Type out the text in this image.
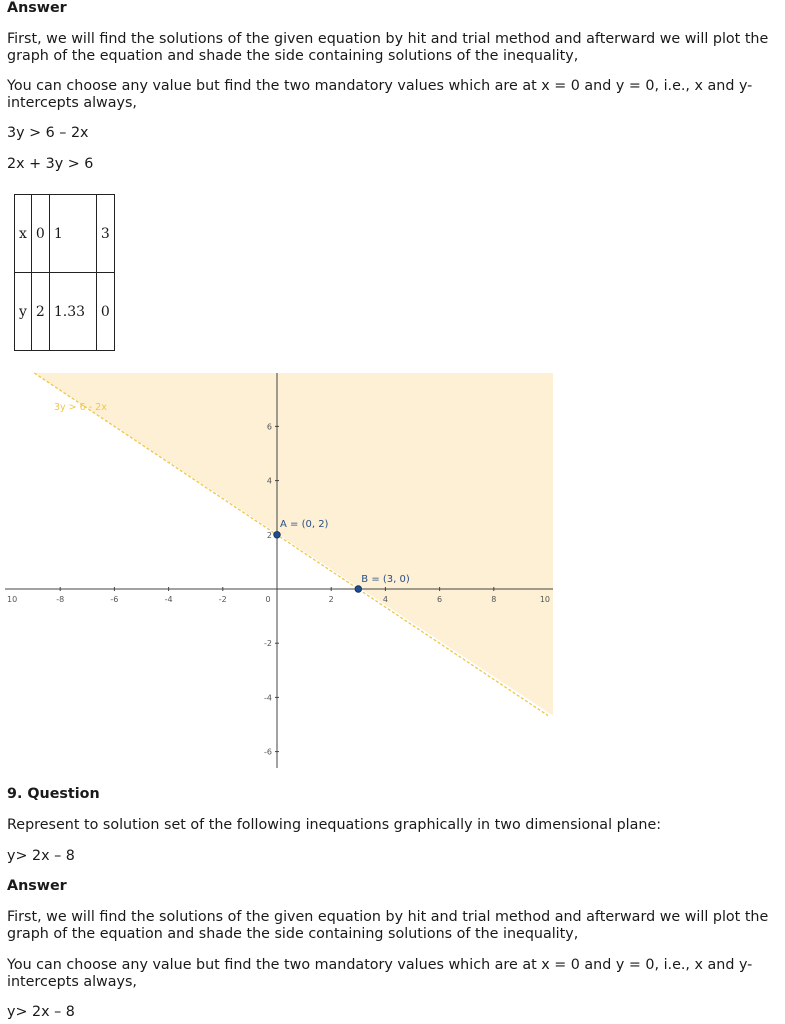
Answer

First, we will find the solutions of the given equation by hit and trial method and afterward we will plot the graph of the equation and shade the side containing solutions of the inequality,

You can choose any value but find the two mandatory values which are at x = 0 and y = 0, i.e., x and y-intercepts always,

3y > 6 – 2x

2x + 3y > 6

x	0	1	3
y	2	1.33	0
10	-8	-6	-4	-2	0	2	4	6	8	10
-6
-4
-2
2
4
6
3y > 6 - 2x
A = (0, 2)
B = (3, 0)

9. Question

Represent to solution set of the following inequations graphically in two dimensional plane:

y> 2x – 8

Answer

First, we will find the solutions of the given equation by hit and trial method and afterward we will plot the graph of the equation and shade the side containing solutions of the inequality,

You can choose any value but find the two mandatory values which are at x = 0 and y = 0, i.e., x and y-intercepts always,

y> 2x – 8
